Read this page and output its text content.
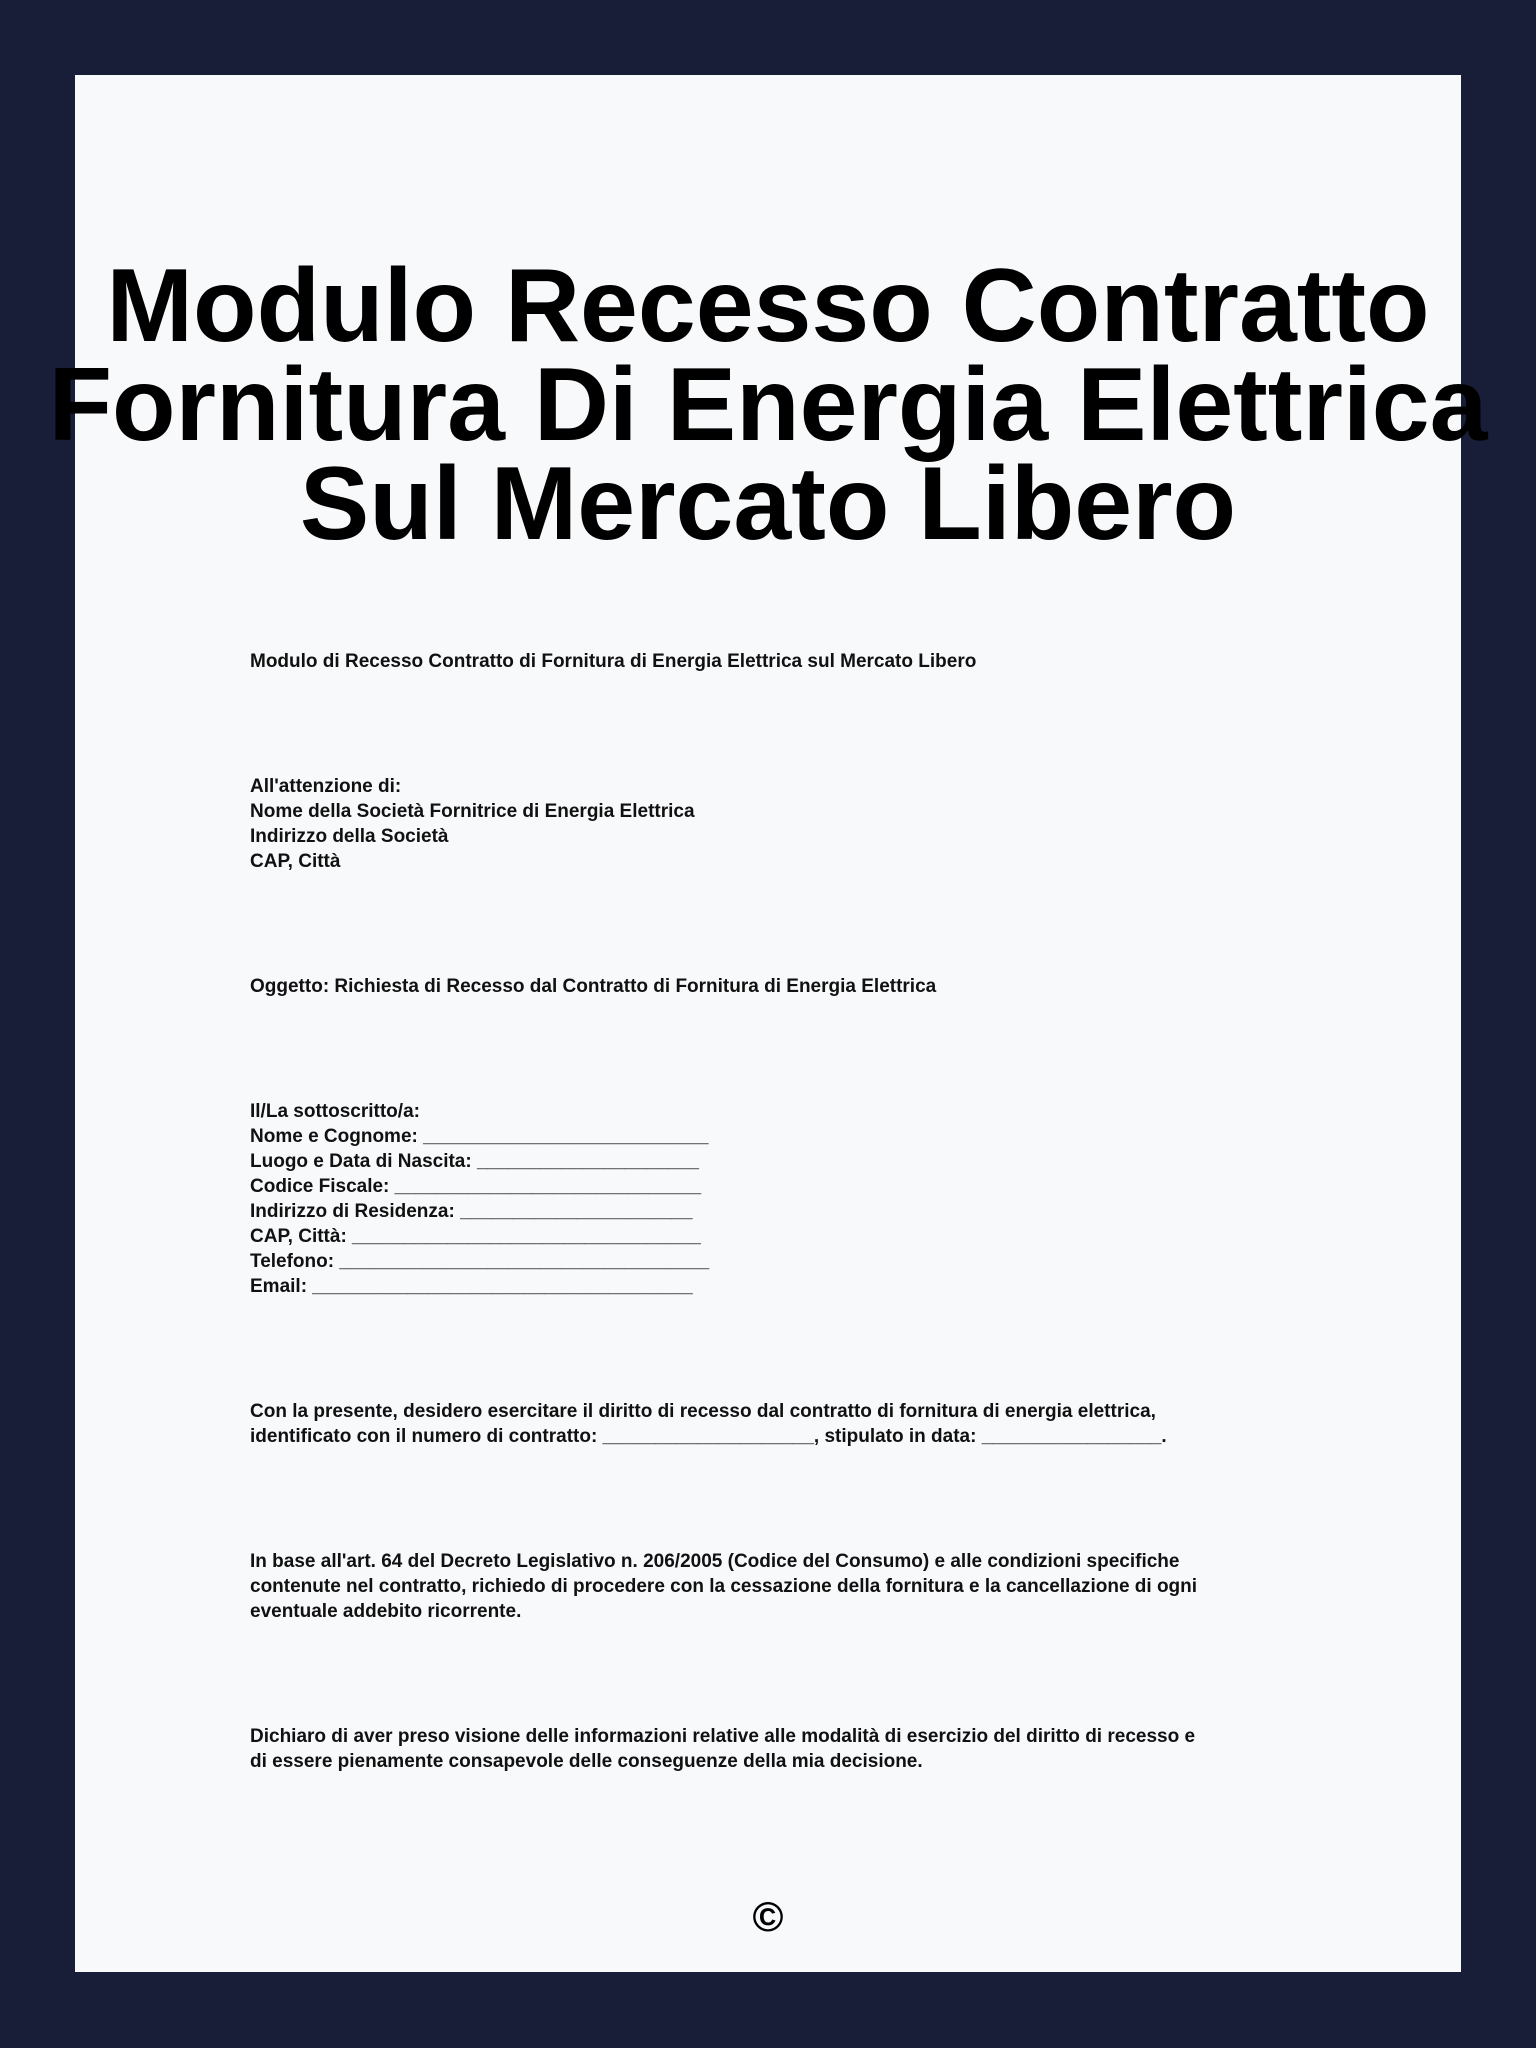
Modulo Recesso Contratto
Fornitura Di Energia Elettrica
Sul Mercato Libero

Modulo di Recesso Contratto di Fornitura di Energia Elettrica sul Mercato Libero

All'attenzione di:
Nome della Società Fornitrice di Energia Elettrica
Indirizzo della Società
CAP, Città

Oggetto: Richiesta di Recesso dal Contratto di Fornitura di Energia Elettrica

Il/La sottoscritto/a:
Nome e Cognome: ___________________________
Luogo e Data di Nascita: _____________________
Codice Fiscale: _____________________________
Indirizzo di Residenza: ______________________
CAP, Città: _________________________________
Telefono: ___________________________________
Email: ____________________________________

Con la presente, desidero esercitare il diritto di recesso dal contratto di fornitura di energia elettrica,
identificato con il numero di contratto: ____________________, stipulato in data: _________________.

In base all'art. 64 del Decreto Legislativo n. 206/2005 (Codice del Consumo) e alle condizioni specifiche
contenute nel contratto, richiedo di procedere con la cessazione della fornitura e la cancellazione di ogni
eventuale addebito ricorrente.

Dichiaro di aver preso visione delle informazioni relative alle modalità di esercizio del diritto di recesso e
di essere pienamente consapevole delle conseguenze della mia decisione.

©
